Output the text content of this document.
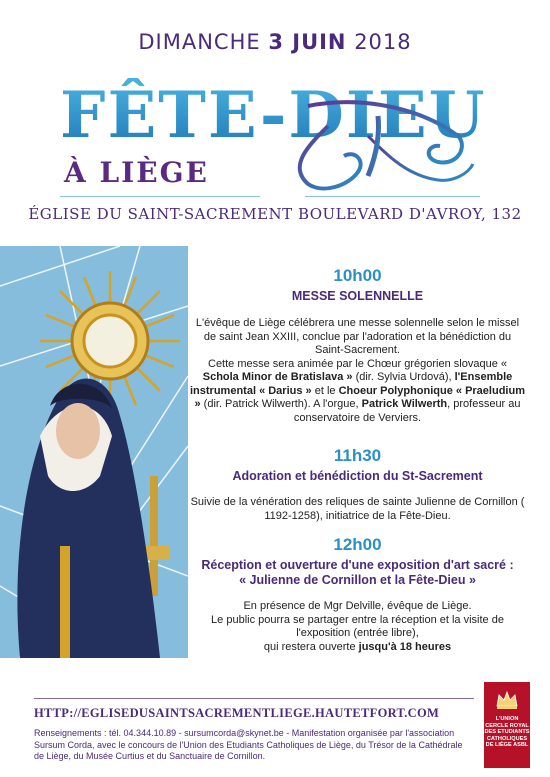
DIMANCHE 3 JUIN 2018
FÊTE-DIEU
À LIÈGE
ÉGLISE DU SAINT-SACREMENT BOULEVARD D'AVROY, 132
10h00
MESSE SOLENNELLE
L'évêque de Liège célébrera une messe solennelle selon le missel de saint Jean XXIII, conclue par l'adoration et la bénédiction du Saint-Sacrement.
Cette messe sera animée par le Chœur grégorien slovaque « Schola Minor de Bratislava » (dir. Sylvia Urdová), l'Ensemble instrumental « Darius » et le Choeur Polyphonique « Praeludium » (dir. Patrick Wilwerth). A l'orgue, Patrick Wilwerth, professeur au conservatoire de Verviers.
11h30
Adoration et bénédiction du St-Sacrement
Suivie de la vénération des reliques de sainte Julienne de Cornillon ( 1192-1258), initiatrice de la Fête-Dieu.
12h00
Réception et ouverture d'une exposition d'art sacré :
« Julienne de Cornillon et la Fête-Dieu »
En présence de Mgr Delville, évêque de Liège.
Le public pourra se partager entre la réception et la visite de l'exposition (entrée libre),
qui restera ouverte jusqu'à 18 heures
HTTP://EGLISEDUSAINTSACREMENTLIEGE.HAUTETFORT.COM
Renseignements : tél. 04.344.10.89 - sursumcorda@skynet.be - Manifestation organisée par l'association Sursum Corda, avec le concours de l'Union des Etudiants Catholiques de Liège, du Trésor de la Cathédrale de Liège, du Musée Curtius et du Sanctuaire de Cornillon.
L'UNION
CERCLE ROYAL
DES ETUDIANTS
CATHOLIQUES
DE LIÈGE ASBL
